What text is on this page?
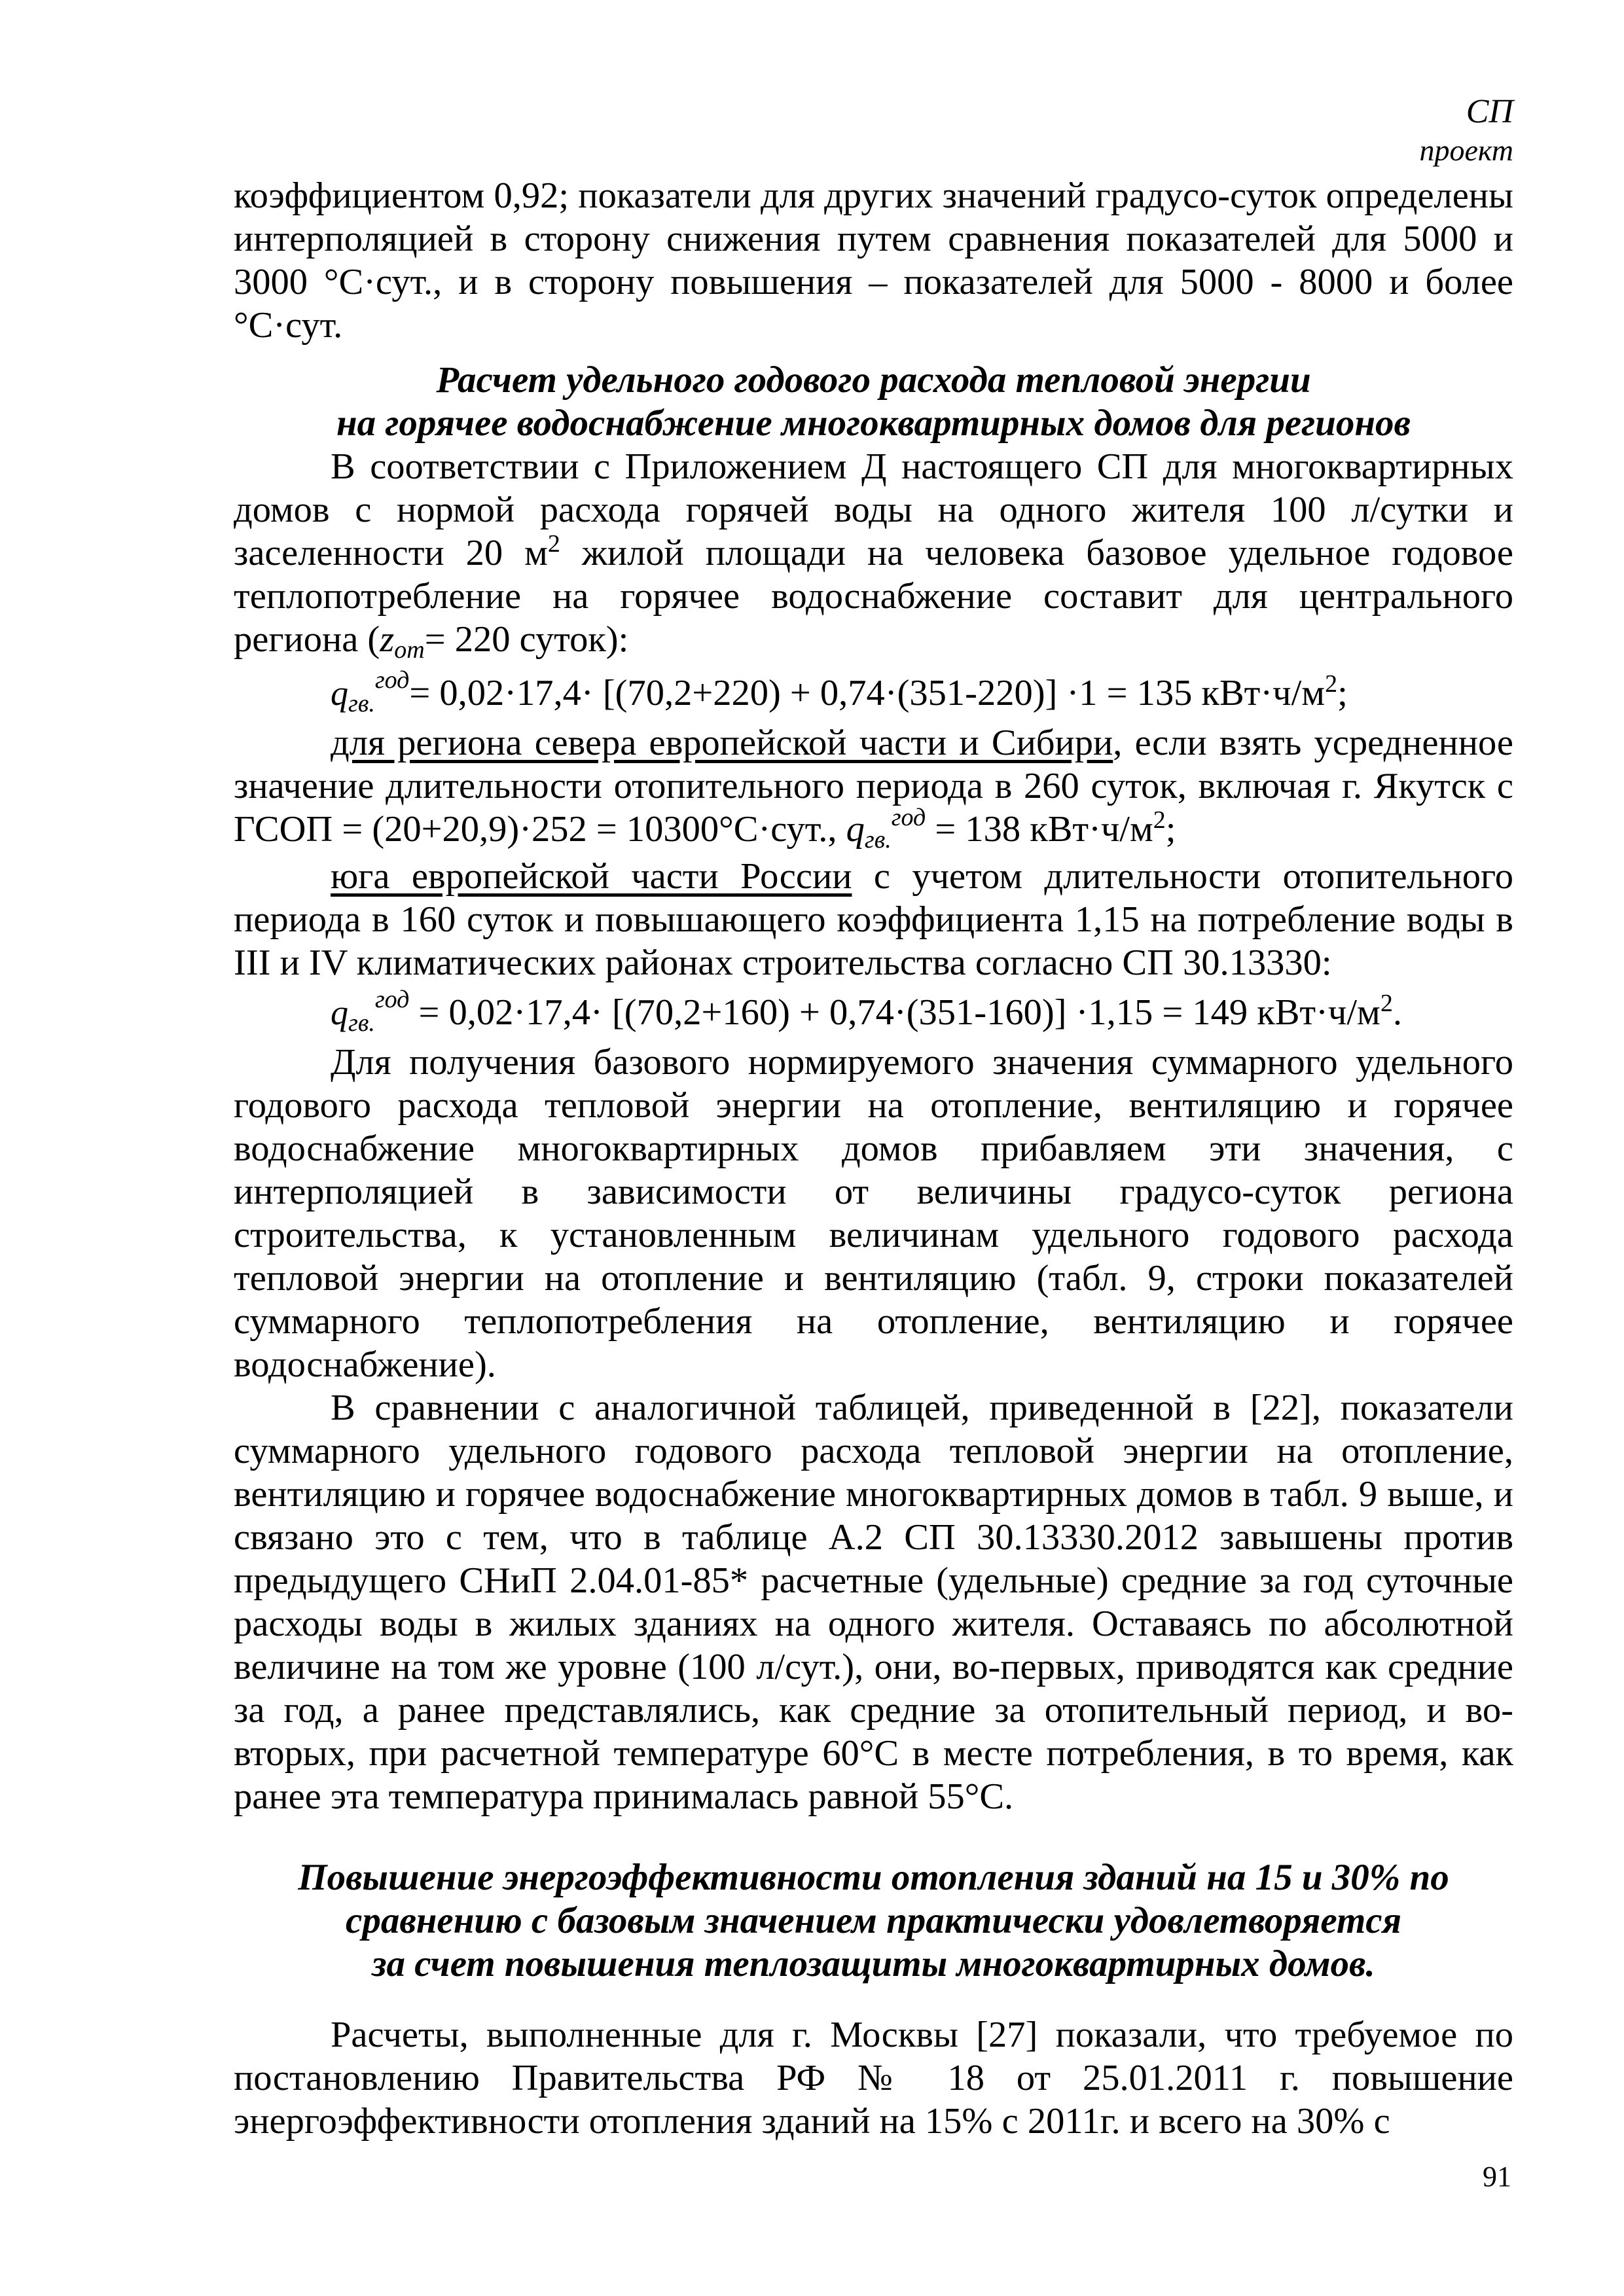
СП
проект

коэффициентом 0,92; показатели для других значений градусо-суток определены интерполяцией в сторону снижения путем сравнения показателей для 5000 и 3000 °С·сут., и в сторону повышения – показателей для 5000 - 8000 и более °С·сут.

Расчет удельного годового расхода тепловой энергии
на горячее водоснабжение многоквартирных домов для регионов

В соответствии с Приложением Д настоящего СП для многоквартирных домов с нормой расхода горячей воды на одного жителя 100 л/сутки и заселенности 20 $м^2$ жилой площади на человека базовое удельное годовое теплопотребление на горячее водоснабжение составит для центрального региона (zот= 220 суток):

qгв.$^{год}$= 0,02·17,4· [(70,2+220) + 0,74·(351-220)] ·1 = 135 $кВт\cdot ч/м^2$;

для региона севера европейской части и Сибири, если взять усредненное значение длительности отопительного периода в 260 суток, включая г. Якутск с ГСОП = (20+20,9)·252 = 10300°С·сут., qгв.$^{год}$ = 138 $кВт\cdot ч/м^2$;

юга европейской части России с учетом длительности отопительного периода в 160 суток и повышающего коэффициента 1,15 на потребление воды в III и IV климатических районах строительства согласно СП 30.13330:

qгв.$^{год}$ = 0,02·17,4· [(70,2+160) + 0,74·(351-160)] ·1,15 = 149 $кВт\cdot ч/м^2$.

Для получения базового нормируемого значения суммарного удельного годового расхода тепловой энергии на отопление, вентиляцию и горячее водоснабжение многоквартирных домов прибавляем эти значения, с интерполяцией в зависимости от величины градусо-суток региона строительства, к установленным величинам удельного годового расхода тепловой энергии на отопление и вентиляцию (табл. 9, строки показателей суммарного теплопотребления на отопление, вентиляцию и горячее водоснабжение).

В сравнении с аналогичной таблицей, приведенной в [22], показатели суммарного удельного годового расхода тепловой энергии на отопление, вентиляцию и горячее водоснабжение многоквартирных домов в табл. 9 выше, и связано это с тем, что в таблице А.2 СП 30.13330.2012 завышены против предыдущего СНиП 2.04.01-85* расчетные (удельные) средние за год суточные расходы воды в жилых зданиях на одного жителя. Оставаясь по абсолютной величине на том же уровне (100 л/сут.), они, во-первых, приводятся как средние за год, а ранее представлялись, как средние за отопительный период, и во-вторых, при расчетной температуре 60°С в месте потребления, в то время, как ранее эта температура принималась равной 55°С.

Повышение энергоэффективности отопления зданий на 15 и 30% по
сравнению с базовым значением практически удовлетворяется
за счет повышения теплозащиты многоквартирных домов.

Расчеты, выполненные для г. Москвы [27] показали, что требуемое по постановлению Правительства РФ № 18 от 25.01.2011 г. повышение энергоэффективности отопления зданий на 15% с 2011г. и всего на 30% с

91
